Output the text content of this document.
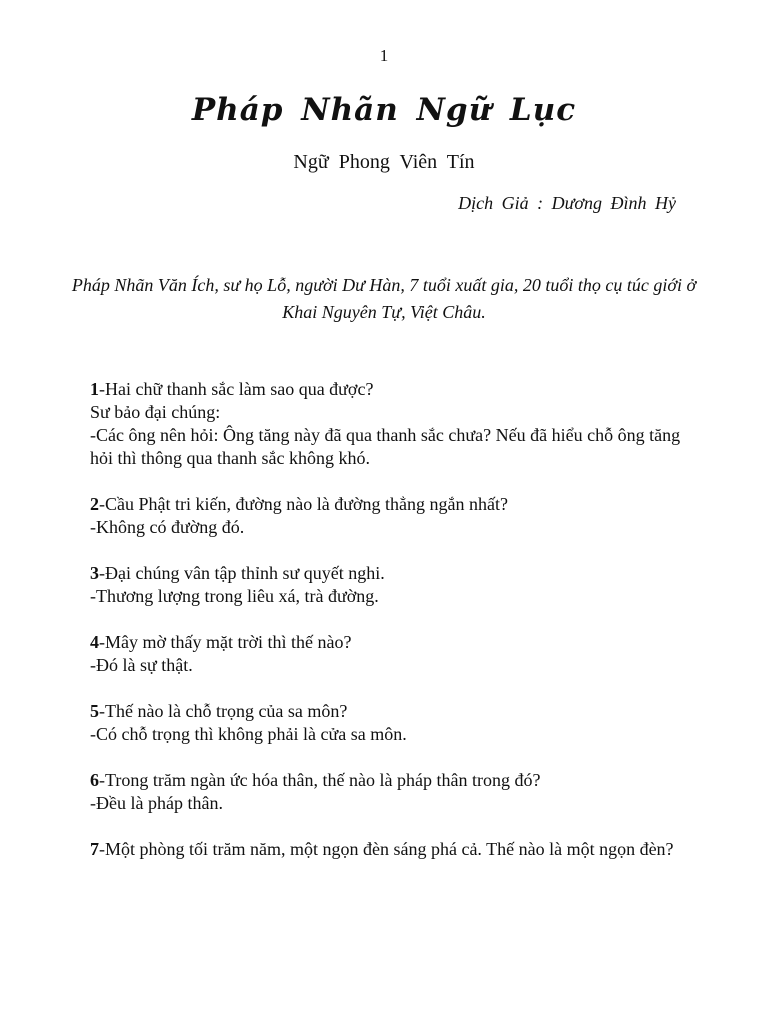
1
Pháp Nhãn Ngữ Lục
Ngữ Phong Viên Tín
Dịch Giả : Dương Đình Hỷ
Pháp Nhãn Văn Ích, sư họ Lỗ, người Dư Hàn, 7 tuổi xuất gia, 20 tuổi thọ cụ túc giới ở Khai Nguyên Tự, Việt Châu.
1-Hai chữ thanh sắc làm sao qua được?
Sư bảo đại chúng:
-Các ông nên hỏi: Ông tăng này đã qua thanh sắc chưa? Nếu đã hiểu chỗ ông tăng hỏi thì thông qua thanh sắc không khó.
2-Cầu Phật tri kiến, đường nào là đường thẳng ngắn nhất?
-Không có đường đó.
3-Đại chúng vân tập thỉnh sư quyết nghi.
-Thương lượng trong liêu xá, trà đường.
4-Mây mờ thấy mặt trời thì thế nào?
-Đó là sự thật.
5-Thế nào là chỗ trọng của sa môn?
-Có chỗ trọng thì không phải là cửa sa môn.
6-Trong trăm ngàn ức hóa thân, thế nào là pháp thân trong đó?
-Đều là pháp thân.
7-Một phòng tối trăm năm, một ngọn đèn sáng phá cả. Thế nào là một ngọn đèn?
